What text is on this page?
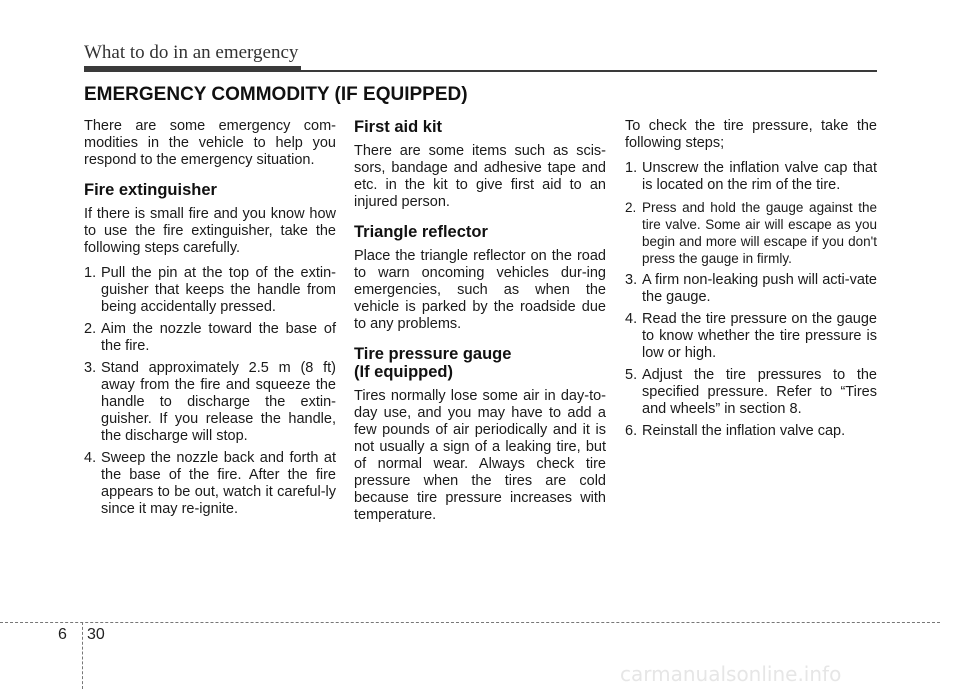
What to do in an emergency
EMERGENCY COMMODITY (IF EQUIPPED)

There are some emergency com-modities in the vehicle to help you respond to the emergency situation.

Fire extinguisher

If there is small fire and you know how to use the fire extinguisher, take the following steps carefully.

1. Pull the pin at the top of the extin-guisher that keeps the handle from being accidentally pressed.
2. Aim the nozzle toward the base of the fire.
3. Stand approximately 2.5 m (8 ft) away from the fire and squeeze the handle to discharge the extin-guisher. If you release the handle, the discharge will stop.
4. Sweep the nozzle back and forth at the base of the fire. After the fire appears to be out, watch it careful-ly since it may re-ignite.
First aid kit

There are some items such as scis-sors, bandage and adhesive tape and etc. in the kit to give first aid to an injured person.

Triangle reflector

Place the triangle reflector on the road to warn oncoming vehicles dur-ing emergencies, such as when the vehicle is parked by the roadside due to any problems.

Tire pressure gauge
(If equipped)

Tires normally lose some air in day-to-day use, and you may have to add a few pounds of air periodically and it is not usually a sign of a leaking tire, but of normal wear. Always check tire pressure when the tires are cold because tire pressure increases with temperature.

To check the tire pressure, take the following steps;

1. Unscrew the inflation valve cap that is located on the rim of the tire.
2. Press and hold the gauge against the tire valve. Some air will escape as you begin and more will escape if you don't press the gauge in firmly.
3. A firm non-leaking push will acti-vate the gauge.
4. Read the tire pressure on the gauge to know whether the tire pressure is low or high.
5. Adjust the tire pressures to the specified pressure. Refer to “Tires and wheels” in section 8.
6. Reinstall the inflation valve cap.
6 30
carmanualsonline.info
